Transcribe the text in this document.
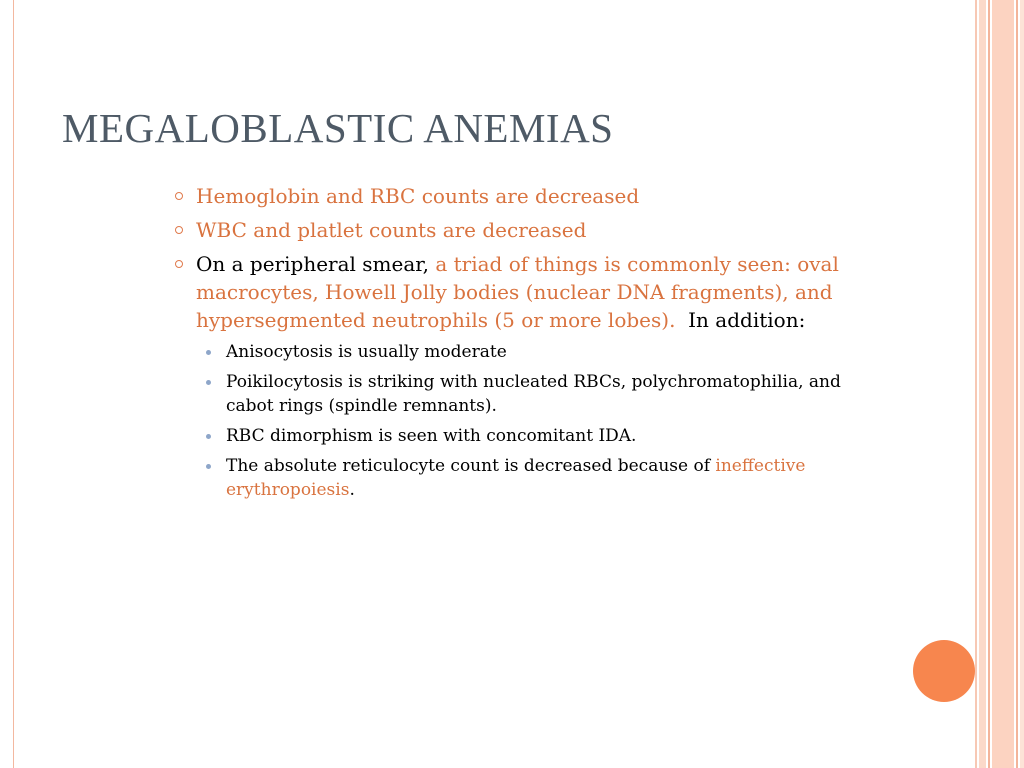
MEGALOBLASTIC ANEMIAS
Hemoglobin and RBC counts are decreased
WBC and platlet counts are decreased
On a peripheral smear, a triad of things is commonly seen: oval macrocytes, Howell Jolly bodies (nuclear DNA fragments), and hypersegmented neutrophils (5 or more lobes).  In addition:
Anisocytosis is usually moderate
Poikilocytosis is striking with nucleated RBCs, polychromatophilia, and cabot rings (spindle remnants).
RBC dimorphism is seen with concomitant IDA.
The absolute reticulocyte count is decreased because of ineffective erythropoiesis.
